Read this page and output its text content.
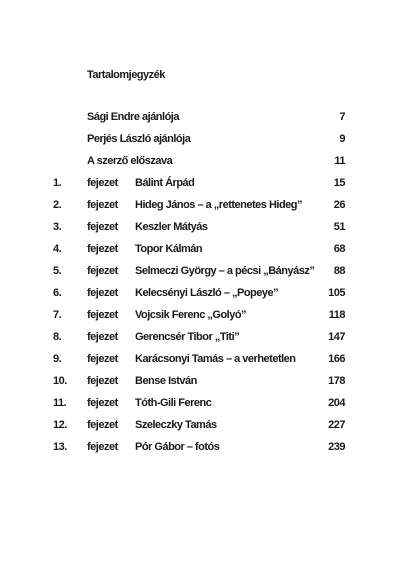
Tartalomjegyzék
Sági Endre ajánlója	7
Perjés László ajánlója	9
A szerző előszava	11
1. fejezet Bálint Árpád	15
2. fejezet Hideg János – a „rettenetes Hideg”	26
3. fejezet Keszler Mátyás	51
4. fejezet Topor Kálmán	68
5. fejezet Selmeczi György – a pécsi „Bányász” 88
6. fejezet Kelecsényi László – „Popeye”	105
7. fejezet Vojcsik Ferenc „Golyó”	118
8. fejezet Gerencsér Tibor „Titi”	147
9. fejezet Karácsonyi Tamás – a verhetetlen	166
10. fejezet Bense István	178
11. fejezet Tóth-Gili Ferenc	204
12. fejezet Szeleczky Tamás	227
13. fejezet Pór Gábor – fotós	239
